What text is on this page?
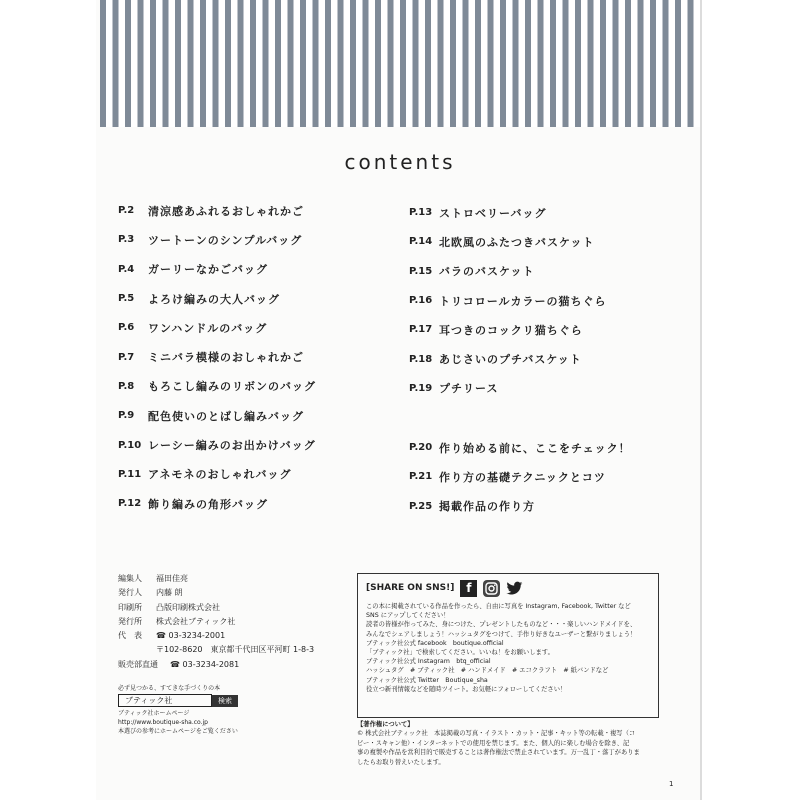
contents
P.2	清涼感あふれるおしゃれかご
P.3	ツートーンのシンプルバッグ
P.4	ガーリーなかごバッグ
P.5	よろけ編みの大人バッグ
P.6	ワンハンドルのバッグ
P.7	ミニバラ模様のおしゃれかご
P.8	もろこし編みのリボンのバッグ
P.9	配色使いのとばし編みバッグ
P.10 レーシー編みのお出かけバッグ
P.11 アネモネのおしゃれバッグ
P.12 飾り編みの角形バッグ
P.13 ストロベリーバッグ
P.14 北欧風のふたつきバスケット
P.15 バラのバスケット
P.16 トリコロールカラーの猫ちぐら
P.17 耳つきのコックリ猫ちぐら
P.18 あじさいのプチバスケット
P.19 プチリース
P.20 作り始める前に、ここをチェック！
P.21 作り方の基礎テクニックとコツ
P.25 掲載作品の作り方
編集人	福田佳亮
発行人	内藤 朗
印刷所	凸版印刷株式会社
発行所	株式会社ブティック社
代　表	☎ 03-3234-2001
〒102-8620　東京都千代田区平河町 1-8-3
販売部直通	☎ 03-3234-2081
必ず見つかる、すてきな手づくりの本
ブティック社	検索
ブティック社ホームページ
http://www.boutique-sha.co.jp
本選びの参考にホームページをご覧ください
[SHARE ON SNS!] f
この本に掲載されている作品を作ったら、自由に写真を Instagram, Facebook, Twitter など
SNS にアップしてください！
読者の皆様が作ってみた、身につけた、プレゼントしたものなど・・・楽しいハンドメイドを、
みんなでシェアしましょう！ハッシュタグをつけて、手作り好きなユーザーと繋がりましょう！
ブティック社公式 facebook　boutique.official
「ブティック社」で検索してください。いいね！をお願いします。
ブティック社公式 Instagram　btq_official
ハッシュタグ　# ブティック社　# ハンドメイド　# エコクラフト　# 紙バンドなど
ブティック社公式 Twitter　Boutique_sha
役立つ新刊情報などを随時ツイート。お気軽にフォローしてください！
【著作権について】
© 株式会社ブティック社　本誌掲載の写真・イラスト・カット・記事・キット等の転載・複写（コ
ピー・スキャン他）・インターネットでの使用を禁じます。また、個人的に楽しむ場合を除き、記
事の複製や作品を営利目的で販売することは著作権法で禁止されています。万一乱丁・落丁がありま
したらお取り替えいたします。
1
